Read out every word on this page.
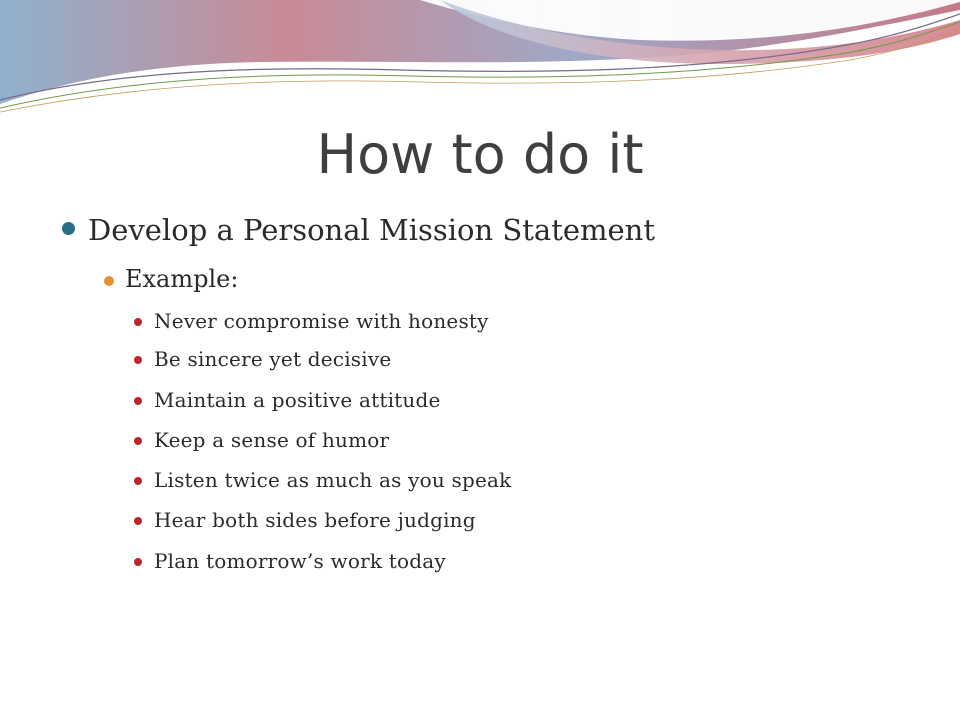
How to do it
Develop a Personal Mission Statement
Example:
Never compromise with honesty
Be sincere yet decisive
Maintain a positive attitude
Keep a sense of humor
Listen twice as much as you speak
Hear both sides before judging
Plan tomorrow’s work today
